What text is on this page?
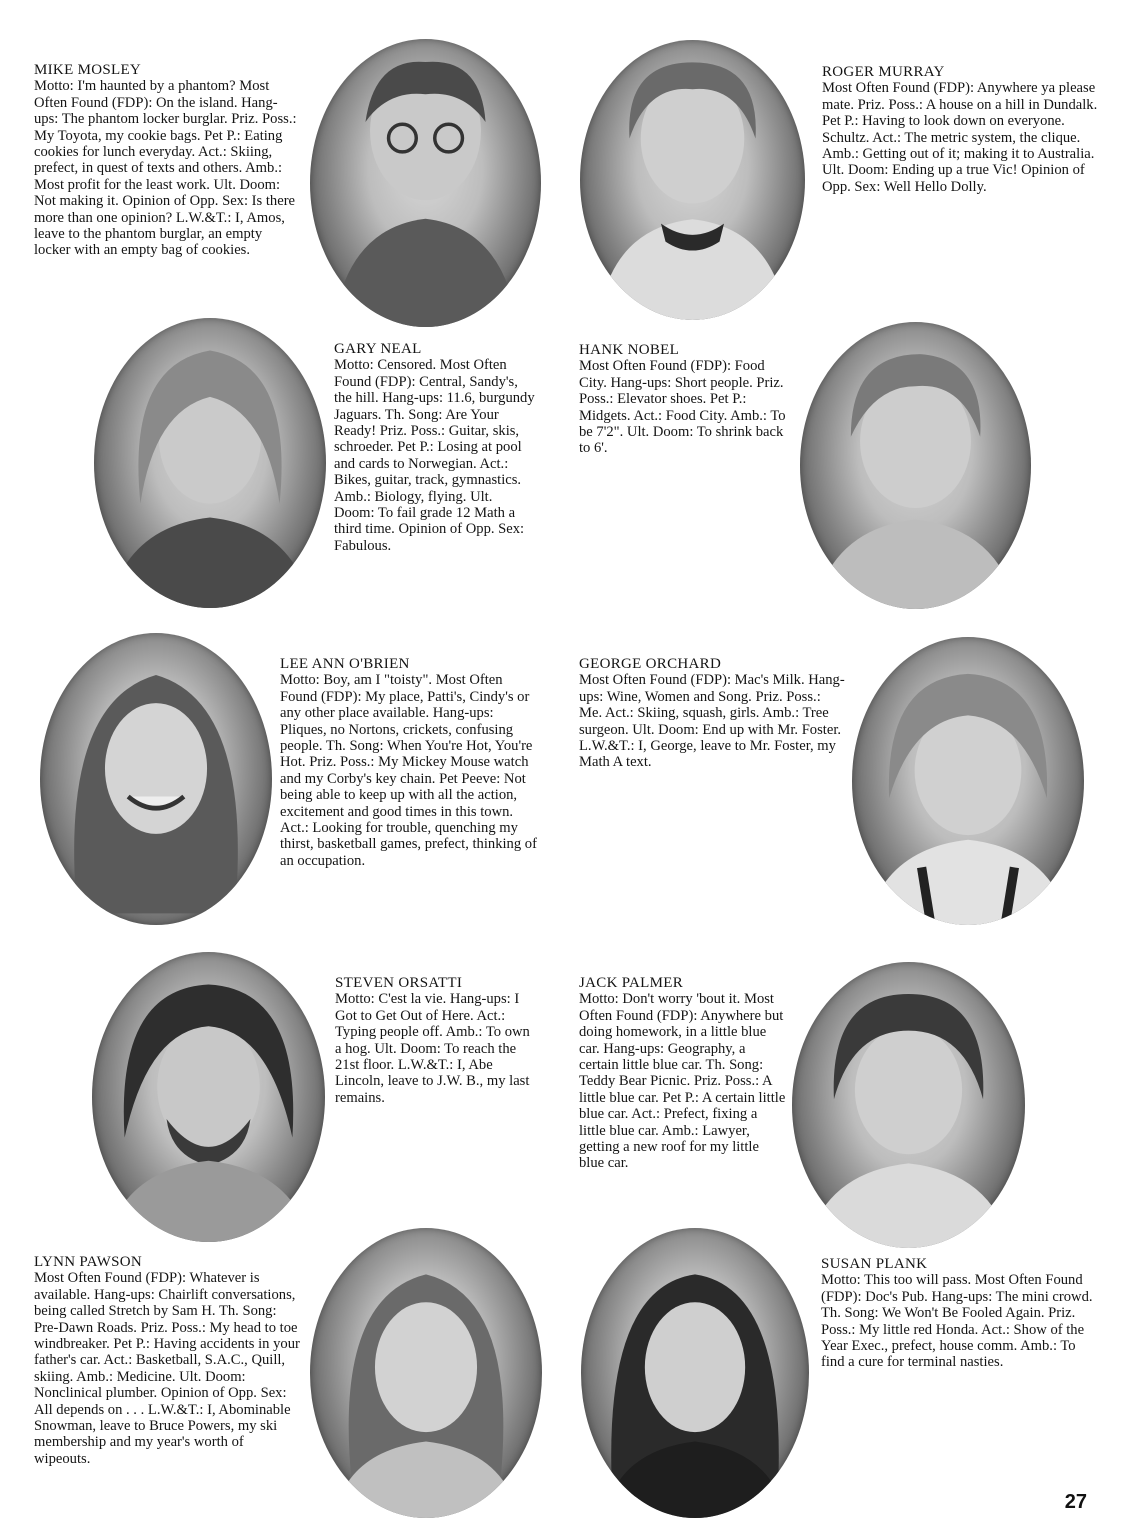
MIKE MOSLEY
Motto: I'm haunted by a phantom? Most Often Found (FDP): On the island. Hang-ups: The phantom locker burglar. Priz. Poss.: My Toyota, my cookie bags. Pet P.: Eating cookies for lunch everyday. Act.: Skiing, prefect, in quest of texts and others. Amb.: Most profit for the least work. Ult. Doom: Not making it. Opinion of Opp. Sex: Is there more than one opinion? L.W.&T.: I, Amos, leave to the phantom burglar, an empty locker with an empty bag of cookies.
ROGER MURRAY
Most Often Found (FDP): Anywhere ya please mate. Priz. Poss.: A house on a hill in Dundalk. Pet P.: Having to look down on everyone. Schultz. Act.: The metric system, the clique. Amb.: Getting out of it; making it to Australia. Ult. Doom: Ending up a true Vic! Opinion of Opp. Sex: Well Hello Dolly.
GARY NEAL
Motto: Censored. Most Often Found (FDP): Central, Sandy's, the hill. Hang-ups: 11.6, burgundy Jaguars. Th. Song: Are Your Ready! Priz. Poss.: Guitar, skis, schroeder. Pet P.: Losing at pool and cards to Norwegian. Act.: Bikes, guitar, track, gymnastics. Amb.: Biology, flying. Ult. Doom: To fail grade 12 Math a third time. Opinion of Opp. Sex: Fabulous.
HANK NOBEL
Most Often Found (FDP): Food City. Hang-ups: Short people. Priz. Poss.: Elevator shoes. Pet P.: Midgets. Act.: Food City. Amb.: To be 7'2". Ult. Doom: To shrink back to 6'.
LEE ANN O'BRIEN
Motto: Boy, am I "toisty". Most Often Found (FDP): My place, Patti's, Cindy's or any other place available. Hang-ups: Pliques, no Nortons, crickets, confusing people. Th. Song: When You're Hot, You're Hot. Priz. Poss.: My Mickey Mouse watch and my Corby's key chain. Pet Peeve: Not being able to keep up with all the action, excitement and good times in this town. Act.: Looking for trouble, quenching my thirst, basketball games, prefect, thinking of an occupation.
GEORGE ORCHARD
Most Often Found (FDP): Mac's Milk. Hang-ups: Wine, Women and Song. Priz. Poss.: Me. Act.: Skiing, squash, girls. Amb.: Tree surgeon. Ult. Doom: End up with Mr. Foster. L.W.&T.: I, George, leave to Mr. Foster, my Math A text.
STEVEN ORSATTI
Motto: C'est la vie. Hang-ups: I Got to Get Out of Here. Act.: Typing people off. Amb.: To own a hog. Ult. Doom: To reach the 21st floor. L.W.&T.: I, Abe Lincoln, leave to J.W. B., my last remains.
JACK PALMER
Motto: Don't worry 'bout it. Most Often Found (FDP): Anywhere but doing homework, in a little blue car. Hang-ups: Geography, a certain little blue car. Th. Song: Teddy Bear Picnic. Priz. Poss.: A little blue car. Pet P.: A certain little blue car. Act.: Prefect, fixing a little blue car. Amb.: Lawyer, getting a new roof for my little blue car.
LYNN PAWSON
Most Often Found (FDP): Whatever is available. Hang-ups: Chairlift conversations, being called Stretch by Sam H. Th. Song: Pre-Dawn Roads. Priz. Poss.: My head to toe windbreaker. Pet P.: Having accidents in your father's car. Act.: Basketball, S.A.C., Quill, skiing. Amb.: Medicine. Ult. Doom: Nonclinical plumber. Opinion of Opp. Sex: All depends on . . . L.W.&T.: I, Abominable Snowman, leave to Bruce Powers, my ski membership and my year's worth of wipeouts.
SUSAN PLANK
Motto: This too will pass. Most Often Found (FDP): Doc's Pub. Hang-ups: The mini crowd. Th. Song: We Won't Be Fooled Again. Priz. Poss.: My little red Honda. Act.: Show of the Year Exec., prefect, house comm. Amb.: To find a cure for terminal nasties.
27
